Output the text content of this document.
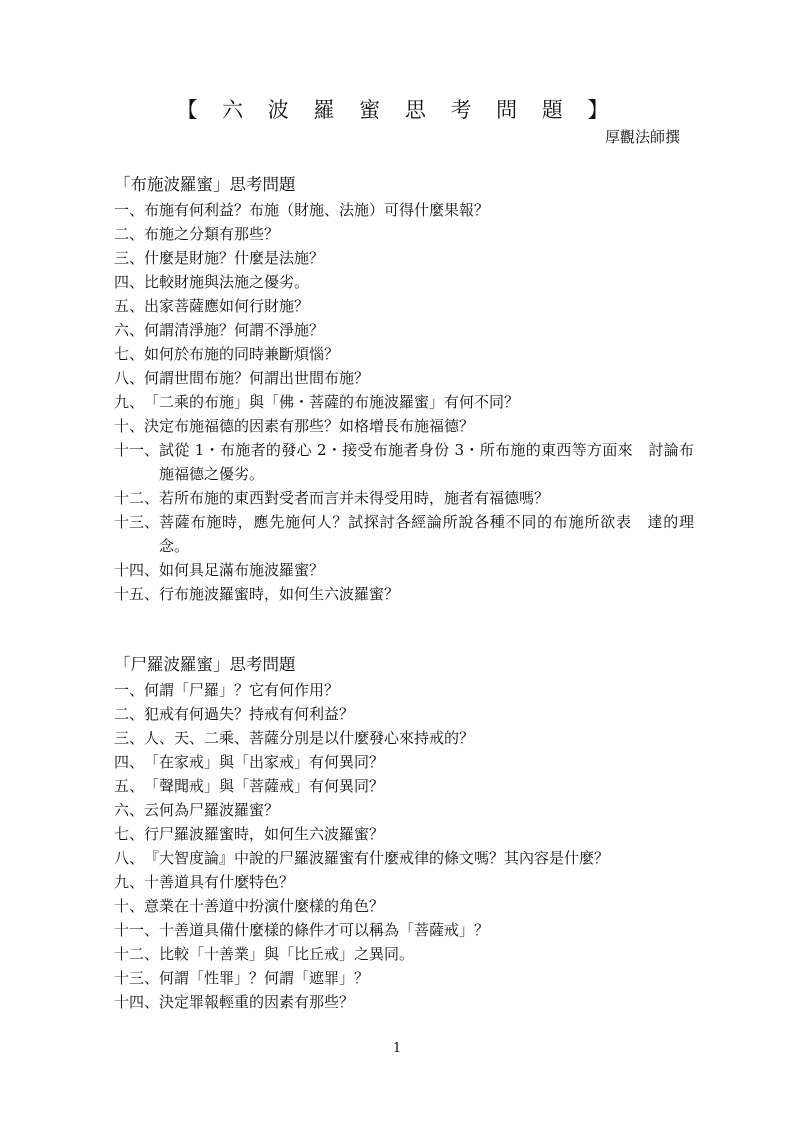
【 六 波 羅 蜜 思 考 問 題 】
厚觀法師撰
「布施波羅蜜」思考問題
一、 布施有何利益？布施（財施、法施）可得什麼果報？
二、 布施之分類有那些？
三、 什麼是財施？什麼是法施？
四、 比較財施與法施之優劣。
五、 出家菩薩應如何行財施？
六、 何謂清淨施？何謂不淨施？
七、 如何於布施的同時兼斷煩惱？
八、 何謂世間布施？何謂出世間布施？
九、 「二乘的布施」與「佛・菩薩的布施波羅蜜」有何不同？
十、 決定布施福德的因素有那些？如格增長布施福德？
十一、 試從 1・布施者的發心 2・接受布施者身份 3・所布施的東西等方面來　討論布施福德之優劣。
十二、 若所布施的東西對受者而言并未得受用時，施者有福德嗎？
十三、 菩薩布施時，應先施何人？試探討各經論所說各種不同的布施所欲表　達的理念。
十四、 如何具足滿布施波羅蜜？
十五、 行布施波羅蜜時，如何生六波羅蜜？
「尸羅波羅蜜」思考問題
一、 何謂「尸羅」？它有何作用？
二、 犯戒有何過失？持戒有何利益？
三、 人、天、二乘、菩薩分別是以什麼發心來持戒的？
四、 「在家戒」與「出家戒」有何異同？
五、 「聲聞戒」與「菩薩戒」有何異同？
六、 云何為尸羅波羅蜜？
七、 行尸羅波羅蜜時，如何生六波羅蜜？
八、 『大智度論』中說的尸羅波羅蜜有什麼戒律的條文嗎？其內容是什麼？
九、 十善道具有什麼特色？
十、 意業在十善道中扮演什麼樣的角色？
十一、 十善道具備什麼樣的條件才可以稱為「菩薩戒」？
十二、 比較「十善業」與「比丘戒」之異同。
十三、 何謂「性罪」？何謂「遮罪」？
十四、 決定罪報輕重的因素有那些？
1
